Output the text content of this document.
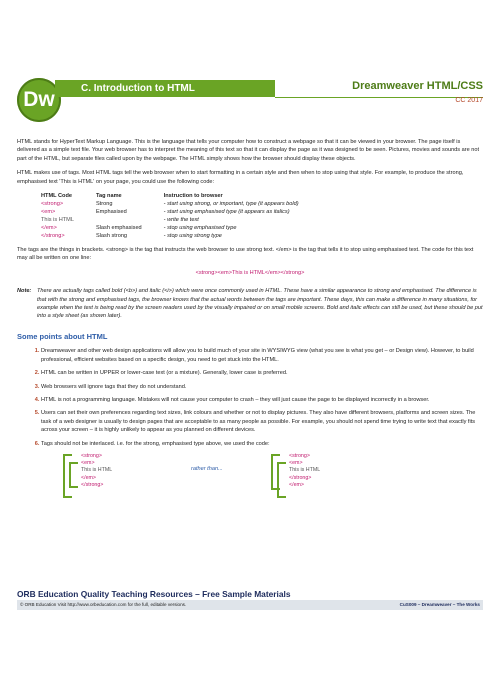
Dw	C. Introduction to HTML	Dreamweaver HTML/CSS
CC 2017

HTML stands for HyperText Markup Language. This is the language that tells your computer how to construct a webpage so that it can be viewed in your browser. The page itself is delivered as a simple text file. Your web browser has to interpret the meaning of this text so that it can display the page as it was designed to be seen. Pictures, movies and sounds are not part of the HTML, but separate files called upon by the webpage. The HTML simply shows how the browser should display these objects.

HTML makes use of tags. Most HTML tags tell the web browser when to start formatting in a certain style and then when to stop using that style. For example, to produce the strong, emphasised text 'This is HTML' on your page, you could use the following code:

HTML Code	Tag name	Instruction to browser
<strong>	Strong	- start using strong, or important, type (it appears bold)
<em>	Emphasised	- start using emphasised type (it appears as italics)
This is HTML		- write the text
</em>	Slash emphasised	- stop using emphasised type
</strong>	Slash strong	- stop using strong type

The tags are the things in brackets. <strong> is the tag that instructs the web browser to use strong text. </em> is the tag that tells it to stop using emphasised text. The code for this text may all be written on one line:

<strong><em>This is HTML</em></strong>
Note:	There are actually tags called bold (<b>) and italic (<i>) which were once commonly used in HTML. These have a similar appearance to strong and emphasised. The difference is that with the strong and emphasised tags, the browser knows that the actual words between the tags are important. These days, this can make a difference in many situations, for example when the text is being read by the screen readers used by the visually impaired or on small mobile screens. Bold and italic effects can still be used, but these should be put into a style sheet (as shown later).
Some points about HTML
1. Dreamweaver and other web design applications will allow you to build much of your site in WYSIWYG view (what you see is what you get – or Design view). However, to build professional, efficient websites based on a specific design, you need to get stuck into the HTML.
2. HTML can be written in UPPER or lower-case text (or a mixture). Generally, lower case is preferred.
3. Web browsers will ignore tags that they do not understand.
4. HTML is not a programming language. Mistakes will not cause your computer to crash – they will just cause the page to be displayed incorrectly in a browser.
5. Users can set their own preferences regarding text sizes, link colours and whether or not to display pictures. They also have different browsers, platforms and screen sizes. The task of a web designer is usually to design pages that are acceptable to as many people as possible. For example, you should not spend time trying to write text that exactly fits across your screen – it is highly unlikely to appear as you planned on different devices.
6. Tags should not be interlaced. i.e. for the strong, emphasised type above, we used the code:
<strong>
<em>
This is HTML
</em>
</strong>
rather than...
<strong>
<em>
This is HTML
</strong>
</em>
ORB Education Quality Teaching Resources – Free Sample Materials
© ORB Education Visit http://www.orbeducation.com for the full, editable versions.	CuS009 – Dreamweaver – The Works
